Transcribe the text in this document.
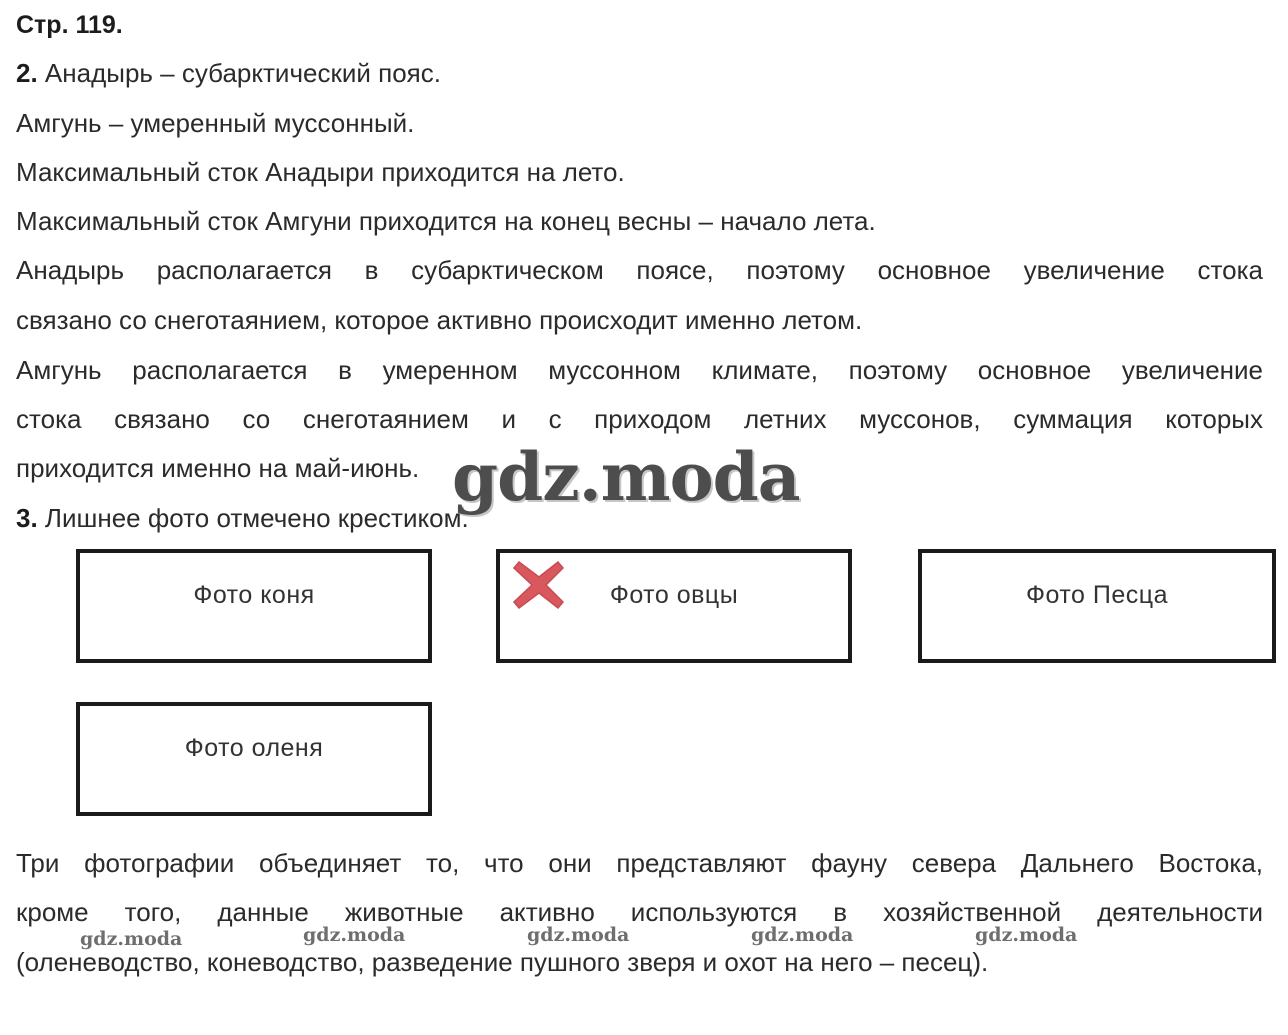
Стр. 119.
2. Анадырь – субарктический пояс.
Амгунь – умеренный муссонный.
Максимальный сток Анадыри приходится на лето.
Максимальный сток Амгуни приходится на конец весны – начало лета.
Анадырь располагается в субарктическом поясе, поэтому основное увеличение стока
связано со снеготаянием, которое активно происходит именно летом.
Амгунь располагается в умеренном муссонном климате, поэтому основное увеличение
стока связано со снеготаянием и с приходом летних муссонов, суммация которых
приходится именно на май-июнь.
3. Лишнее фото отмечено крестиком.
Фото коня	Фото овцы	Фото Песца
Фото оленя
Три фотографии объединяет то, что они представляют фауну севера Дальнего Востока,
кроме того, данные животные активно используются в хозяйственной деятельности
(оленеводство, коневодство, разведение пушного зверя и охот на него – песец).
gdz.moda
gdz.moda	gdz.moda	gdz.moda	gdz.moda	gdz.moda
